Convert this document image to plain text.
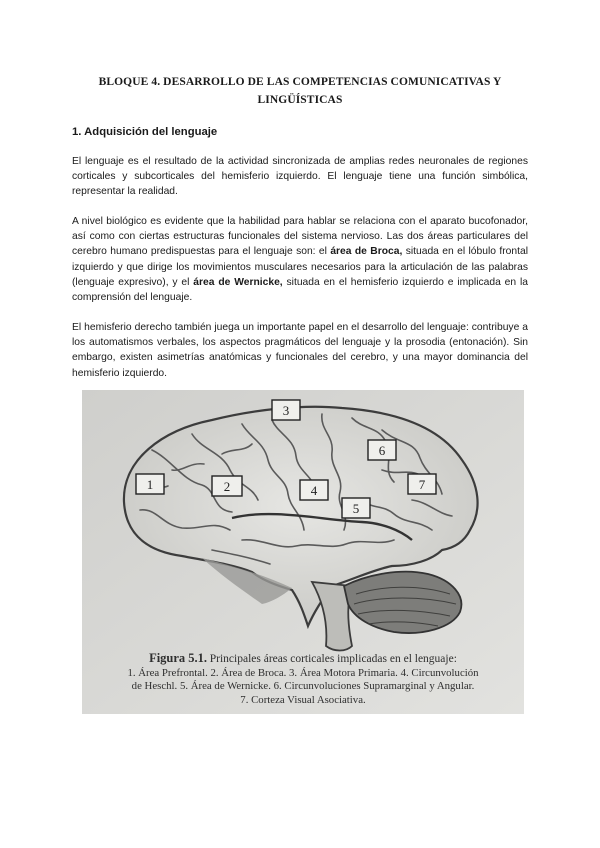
BLOQUE 4. DESARROLLO DE LAS COMPETENCIAS COMUNICATIVAS Y
LINGÜÍSTICAS
1. Adquisición del lenguaje
El lenguaje es el resultado de la actividad sincronizada de amplias redes neuronales de regiones corticales y subcorticales del hemisferio izquierdo. El lenguaje tiene una función simbólica, representar la realidad.
A nivel biológico es evidente que la habilidad para hablar se relaciona con el aparato bucofonador, así como con ciertas estructuras funcionales del sistema nervioso. Las dos áreas particulares del cerebro humano predispuestas para el lenguaje son: el área de Broca, situada en el lóbulo frontal izquierdo y que dirige los movimientos musculares necesarios para la articulación de las palabras (lenguaje expresivo), y el área de Wernicke, situada en el hemisferio izquierdo e implicada en la comprensión del lenguaje.
El hemisferio derecho también juega un importante papel en el desarrollo del lenguaje: contribuye a los automatismos verbales, los aspectos pragmáticos del lenguaje y la prosodia (entonación). Sin embargo, existen asimetrías anatómicas y funcionales del cerebro, y una mayor dominancia del hemisferio izquierdo.
1	2
3
4
5
6
7
Figura 5.1. Principales áreas corticales implicadas en el lenguaje:
1. Área Prefrontal. 2. Área de Broca. 3. Área Motora Primaria. 4. Circunvolución
de Heschl. 5. Área de Wernicke. 6. Circunvoluciones Supramarginal y Angular.
7. Corteza Visual Asociativa.
